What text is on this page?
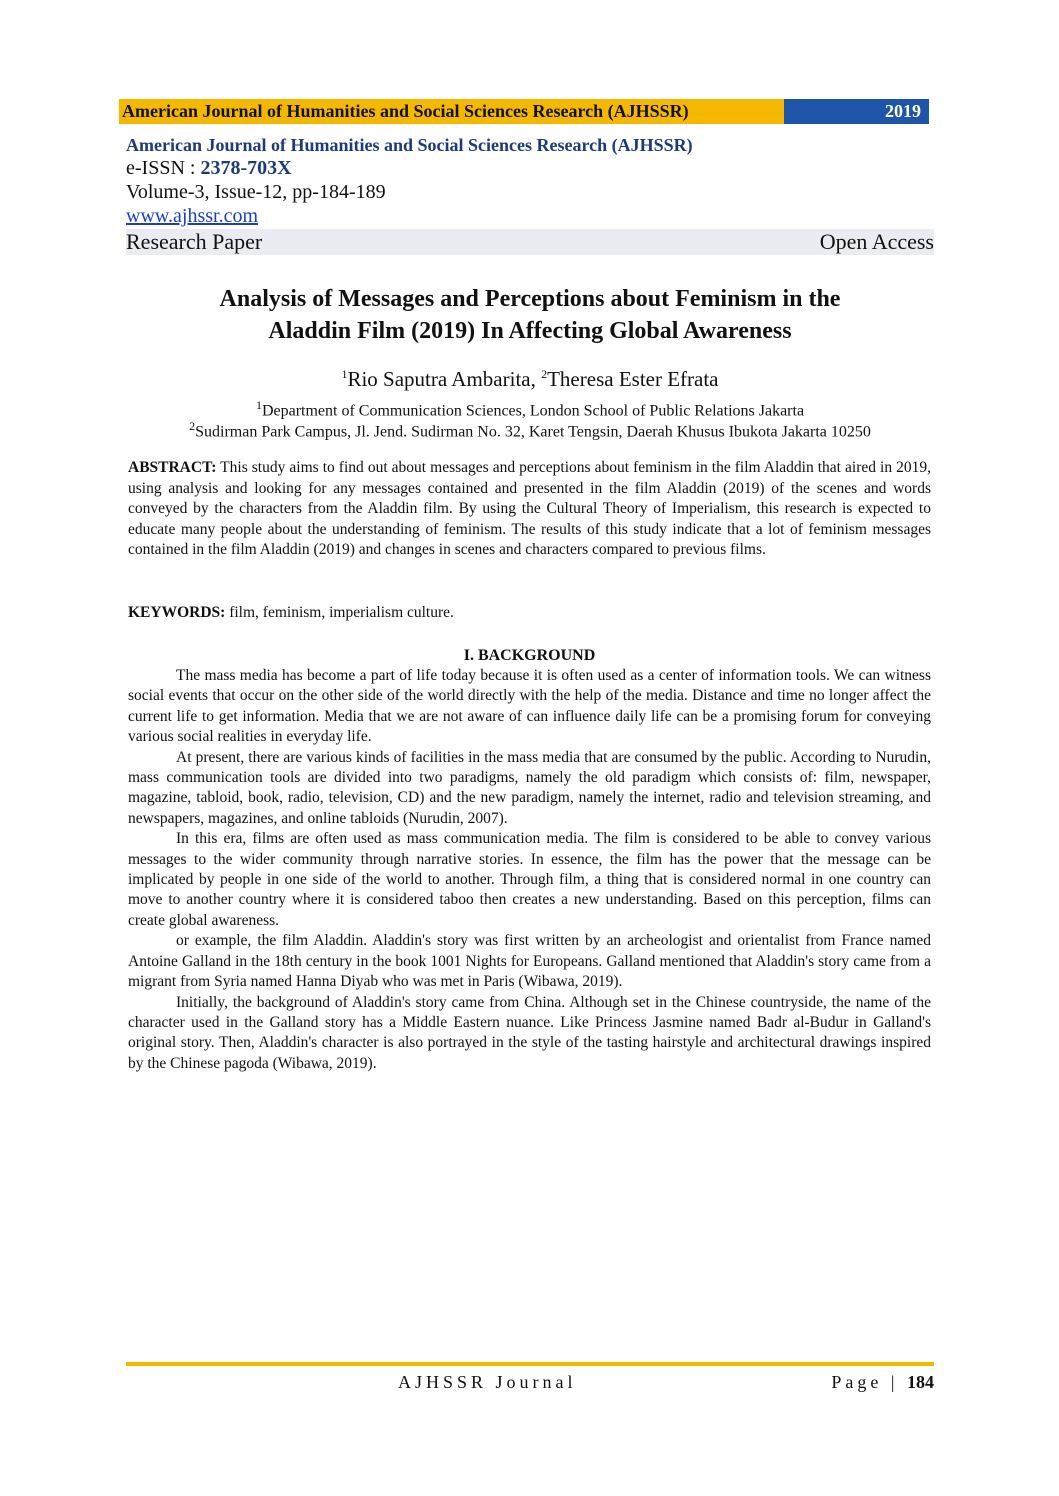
American Journal of Humanities and Social Sciences Research (AJHSSR)	2019
American Journal of Humanities and Social Sciences Research (AJHSSR)
e-ISSN : 2378-703X
Volume-3, Issue-12, pp-184-189
www.ajhssr.com
Research Paper	Open Access
Analysis of Messages and Perceptions about Feminism in the
Aladdin Film (2019) In Affecting Global Awareness
$^1$Rio Saputra Ambarita, $^2$Theresa Ester Efrata
$^1$Department of Communication Sciences, London School of Public Relations Jakarta
$^2$Sudirman Park Campus, Jl. Jend. Sudirman No. 32, Karet Tengsin, Daerah Khusus Ibukota Jakarta 10250
ABSTRACT: This study aims to find out about messages and perceptions about feminism in the film Aladdin that aired in 2019, using analysis and looking for any messages contained and presented in the film Aladdin (2019) of the scenes and words conveyed by the characters from the Aladdin film. By using the Cultural Theory of Imperialism, this research is expected to educate many people about the understanding of feminism. The results of this study indicate that a lot of feminism messages contained in the film Aladdin (2019) and changes in scenes and characters compared to previous films.
KEYWORDS: film, feminism, imperialism culture.
I. BACKGROUND

The mass media has become a part of life today because it is often used as a center of information tools. We can witness social events that occur on the other side of the world directly with the help of the media. Distance and time no longer affect the current life to get information. Media that we are not aware of can influence daily life can be a promising forum for conveying various social realities in everyday life.

At present, there are various kinds of facilities in the mass media that are consumed by the public. According to Nurudin, mass communication tools are divided into two paradigms, namely the old paradigm which consists of: film, newspaper, magazine, tabloid, book, radio, television, CD) and the new paradigm, namely the internet, radio and television streaming, and newspapers, magazines, and online tabloids (Nurudin, 2007).

In this era, films are often used as mass communication media. The film is considered to be able to convey various messages to the wider community through narrative stories. In essence, the film has the power that the message can be implicated by people in one side of the world to another. Through film, a thing that is considered normal in one country can move to another country where it is considered taboo then creates a new understanding. Based on this perception, films can create global awareness.

or example, the film Aladdin. Aladdin's story was first written by an archeologist and orientalist from France named Antoine Galland in the 18th century in the book 1001 Nights for Europeans. Galland mentioned that Aladdin's story came from a migrant from Syria named Hanna Diyab who was met in Paris (Wibawa, 2019).

Initially, the background of Aladdin's story came from China. Although set in the Chinese countryside, the name of the character used in the Galland story has a Middle Eastern nuance. Like Princess Jasmine named Badr al-Budur in Galland's original story. Then, Aladdin's character is also portrayed in the style of the tasting hairstyle and architectural drawings inspired by the Chinese pagoda (Wibawa, 2019).

AJHSSR Journal	Page | 184
